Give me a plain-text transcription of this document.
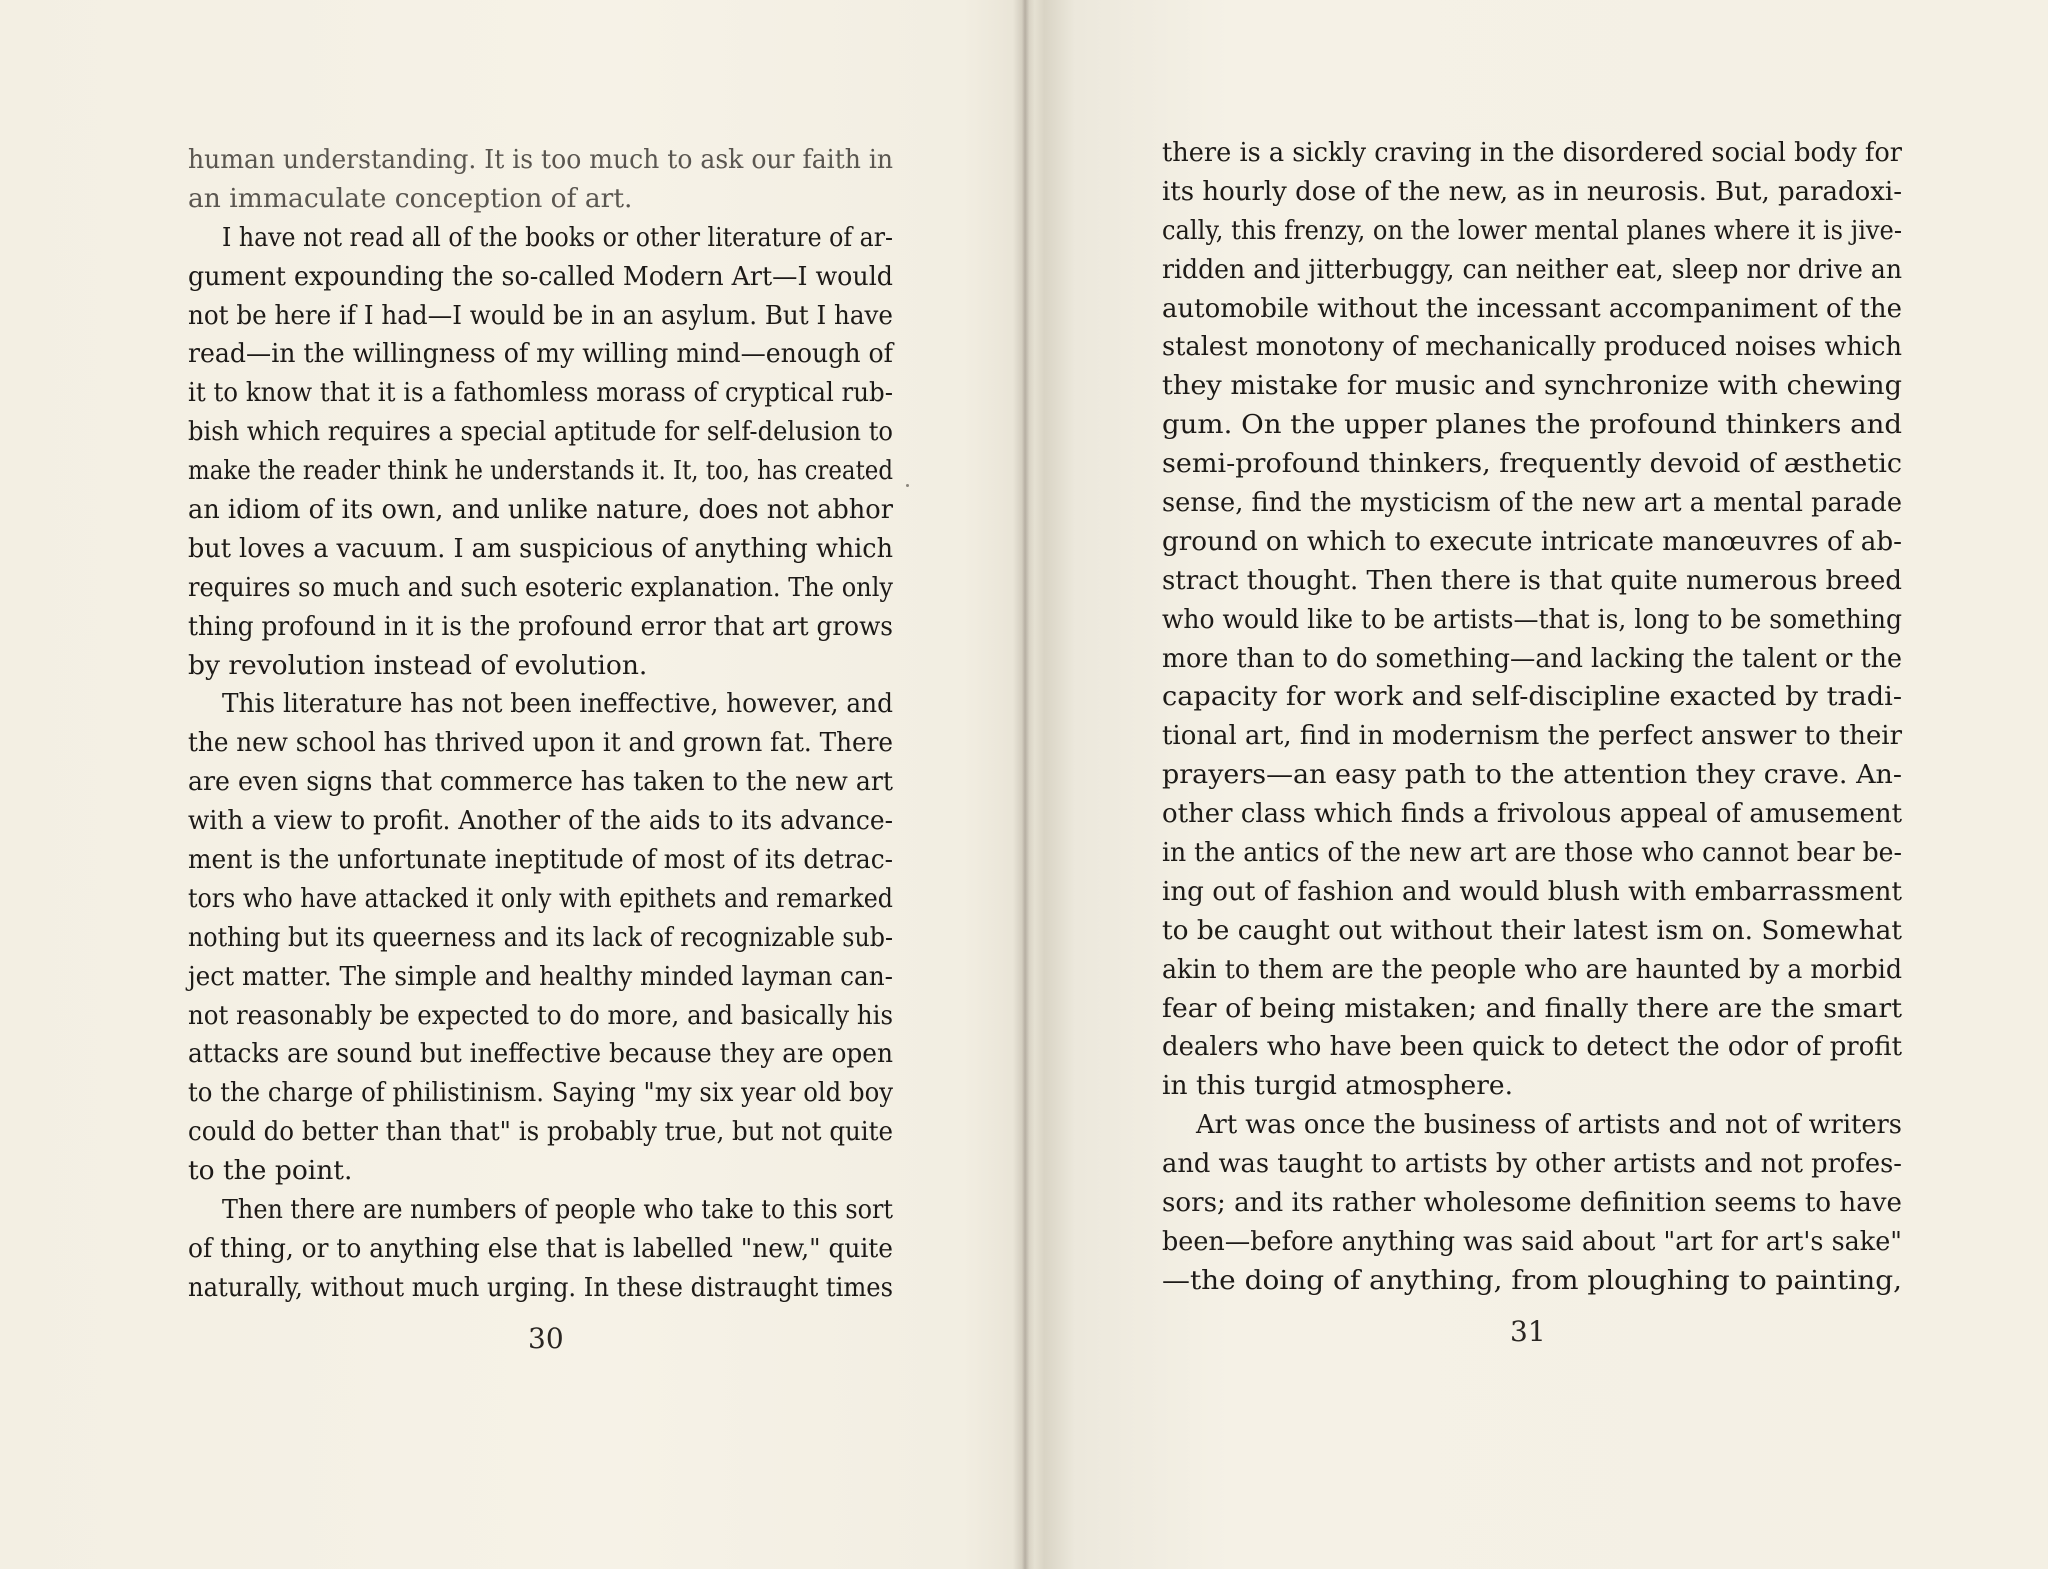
human understanding. It is too much to ask our faith in
an immaculate conception of art.
I have not read all of the books or other literature of ar-
gument expounding the so-called Modern Art—I would
not be here if I had—I would be in an asylum. But I have
read—in the willingness of my willing mind—enough of
it to know that it is a fathomless morass of cryptical rub-
bish which requires a special aptitude for self-delusion to
make the reader think he understands it. It, too, has created
an idiom of its own, and unlike nature, does not abhor
but loves a vacuum. I am suspicious of anything which
requires so much and such esoteric explanation. The only
thing profound in it is the profound error that art grows
by revolution instead of evolution.
This literature has not been ineffective, however, and
the new school has thrived upon it and grown fat. There
are even signs that commerce has taken to the new art
with a view to profit. Another of the aids to its advance-
ment is the unfortunate ineptitude of most of its detrac-
tors who have attacked it only with epithets and remarked
nothing but its queerness and its lack of recognizable sub-
ject matter. The simple and healthy minded layman can-
not reasonably be expected to do more, and basically his
attacks are sound but ineffective because they are open
to the charge of philistinism. Saying "my six year old boy
could do better than that" is probably true, but not quite
to the point.
Then there are numbers of people who take to this sort
of thing, or to anything else that is labelled "new," quite
naturally, without much urging. In these distraught times
30
there is a sickly craving in the disordered social body for
its hourly dose of the new, as in neurosis. But, paradoxi-
cally, this frenzy, on the lower mental planes where it is jive-
ridden and jitterbuggy, can neither eat, sleep nor drive an
automobile without the incessant accompaniment of the
stalest monotony of mechanically produced noises which
they mistake for music and synchronize with chewing
gum. On the upper planes the profound thinkers and
semi-profound thinkers, frequently devoid of æsthetic
sense, find the mysticism of the new art a mental parade
ground on which to execute intricate manœuvres of ab-
stract thought. Then there is that quite numerous breed
who would like to be artists—that is, long to be something
more than to do something—and lacking the talent or the
capacity for work and self-discipline exacted by tradi-
tional art, find in modernism the perfect answer to their
prayers—an easy path to the attention they crave. An-
other class which finds a frivolous appeal of amusement
in the antics of the new art are those who cannot bear be-
ing out of fashion and would blush with embarrassment
to be caught out without their latest ism on. Somewhat
akin to them are the people who are haunted by a morbid
fear of being mistaken; and finally there are the smart
dealers who have been quick to detect the odor of profit
in this turgid atmosphere.
Art was once the business of artists and not of writers
and was taught to artists by other artists and not profes-
sors; and its rather wholesome definition seems to have
been—before anything was said about "art for art's sake"
—the doing of anything, from ploughing to painting,
31
